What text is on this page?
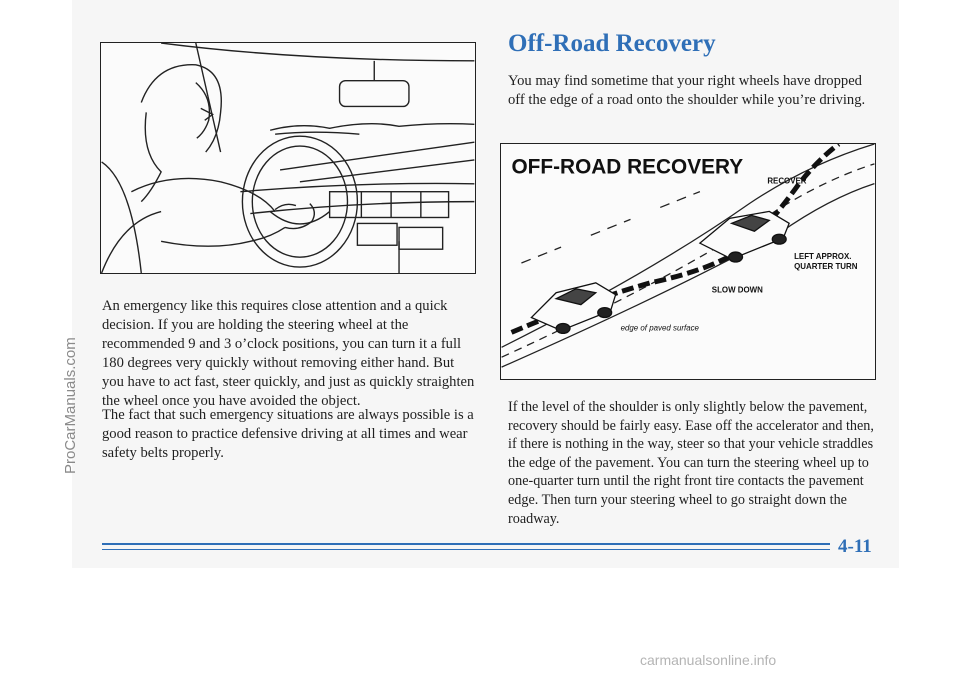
Off-Road Recovery

You may find sometime that your right wheels have dropped off the edge of a road onto the shoulder while you’re driving.

OFF-ROAD RECOVERY
RECOVER
LEFT APPROX.
QUARTER TURN
SLOW DOWN
edge of paved surface

An emergency like this requires close attention and a quick decision. If you are holding the steering wheel at the recommended 9 and 3 o’clock positions, you can turn it a full 180 degrees very quickly without removing either hand. But you have to act fast, steer quickly, and just as quickly straighten the wheel once you have avoided the object.

The fact that such emergency situations are always possible is a good reason to practice defensive driving at all times and wear safety belts properly.

If the level of the shoulder is only slightly below the pavement, recovery should be fairly easy. Ease off the accelerator and then, if there is nothing in the way, steer so that your vehicle straddles the edge of the pavement. You can turn the steering wheel up to one-quarter turn until the right front tire contacts the pavement edge. Then turn your steering wheel to go straight down the roadway.

4-11

ProCarManuals.com
carmanualsonline.info
